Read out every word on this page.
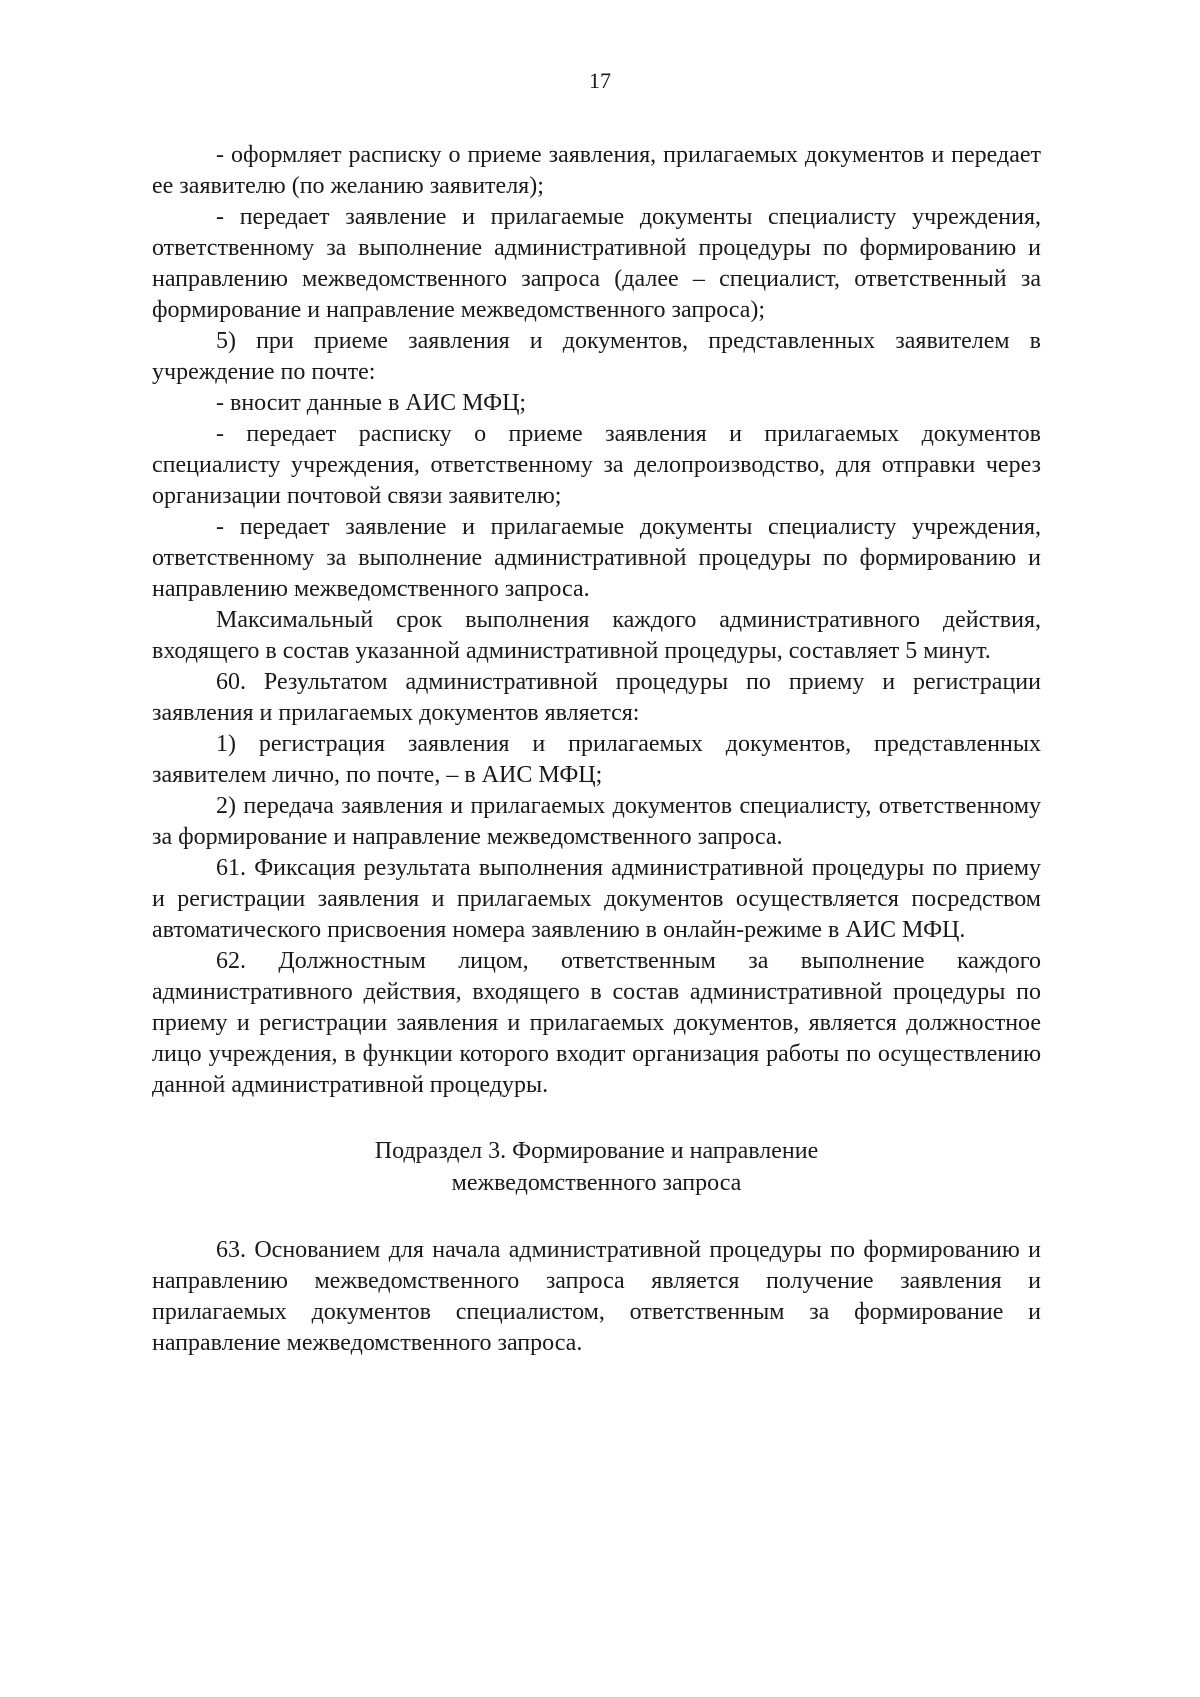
17

- оформляет расписку о приеме заявления, прилагаемых документов и передает ее заявителю (по желанию заявителя);

- передает заявление и прилагаемые документы специалисту учреждения, ответственному за выполнение административной процедуры по формированию и направлению межведомственного запроса (далее – специалист, ответственный за формирование и направление межведомственного запроса);

5) при приеме заявления и документов, представленных заявителем в учреждение по почте:

- вносит данные в АИС МФЦ;

- передает расписку о приеме заявления и прилагаемых документов специалисту учреждения, ответственному за делопроизводство, для отправки через организации почтовой связи заявителю;

- передает заявление и прилагаемые документы специалисту учреждения, ответственному за выполнение административной процедуры по формированию и направлению межведомственного запроса.

Максимальный срок выполнения каждого административного действия, входящего в состав указанной административной процедуры, составляет 5 минут.

60. Результатом административной процедуры по приему и регистрации заявления и прилагаемых документов является:

1) регистрация заявления и прилагаемых документов, представленных заявителем лично, по почте, – в АИС МФЦ;

2) передача заявления и прилагаемых документов специалисту, ответственному за формирование и направление межведомственного запроса.

61. Фиксация результата выполнения административной процедуры по приему и регистрации заявления и прилагаемых документов осуществляется посредством автоматического присвоения номера заявлению в онлайн-режиме в АИС МФЦ.

62. Должностным лицом, ответственным за выполнение каждого административного действия, входящего в состав административной процедуры по приему и регистрации заявления и прилагаемых документов, является должностное лицо учреждения, в функции которого входит организация работы по осуществлению данной административной процедуры.

Подраздел 3. Формирование и направление
межведомственного запроса

63. Основанием для начала административной процедуры по формированию и направлению межведомственного запроса является получение заявления и прилагаемых документов специалистом, ответственным за формирование и направление межведомственного запроса.
